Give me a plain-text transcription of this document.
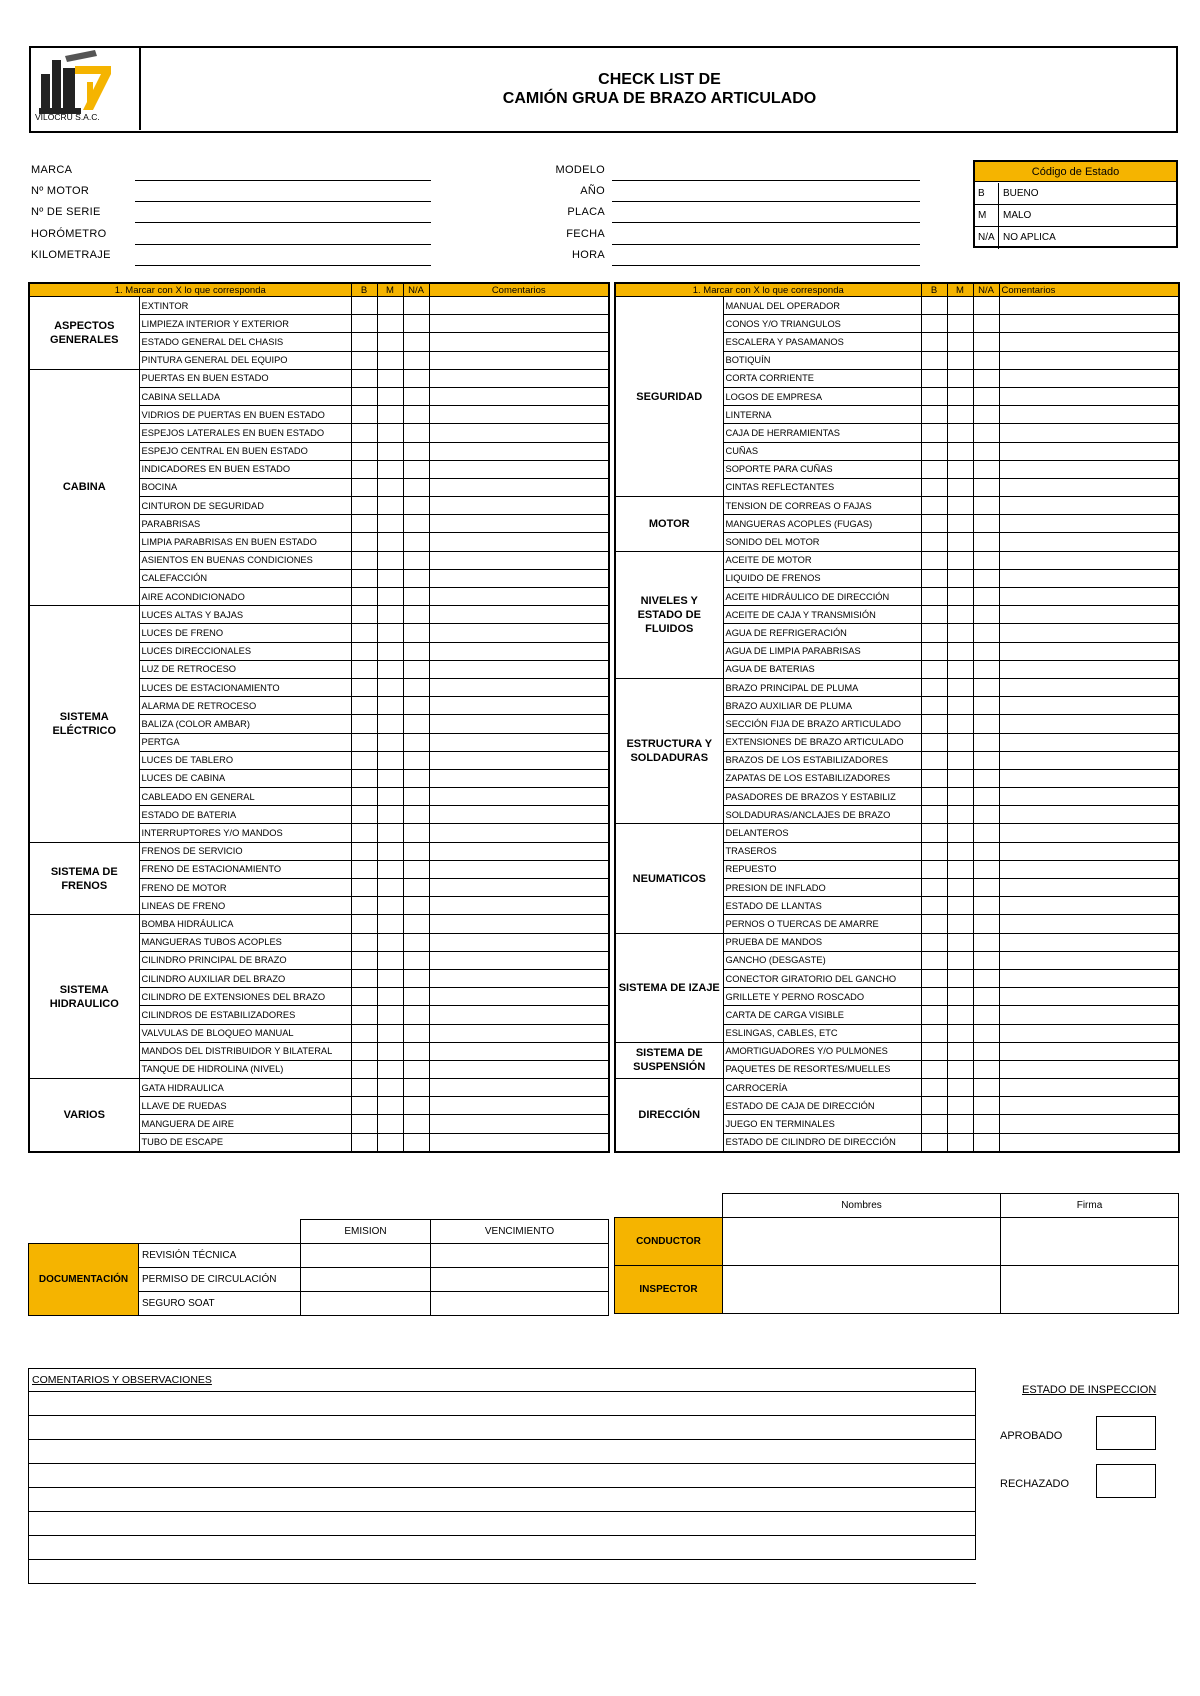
VILOCRU S.A.C.
CHECK LIST DE
CAMIÓN GRUA DE BRAZO ARTICULADO
MARCA
Nº MOTOR
Nº DE SERIE
HORÓMETRO
KILOMETRAJE
MODELO
AÑO
PLACA
FECHA
HORA
Código de Estado
B	BUENO
M	MALO
N/A NO APLICA
1. Marcar con X lo que corresponda		B	M	N/A	Comentarios
ASPECTOS GENERALES	EXTINTOR				
	LIMPIEZA INTERIOR Y EXTERIOR				
	ESTADO GENERAL DEL CHASIS				
	PINTURA GENERAL DEL EQUIPO				
CABINA	PUERTAS EN BUEN ESTADO				
	CABINA SELLADA				
	VIDRIOS DE PUERTAS EN BUEN ESTADO				
	ESPEJOS LATERALES EN BUEN ESTADO				
	ESPEJO CENTRAL EN BUEN ESTADO				
	INDICADORES EN BUEN ESTADO				
	BOCINA				
	CINTURON DE SEGURIDAD				
	PARABRISAS				
	LIMPIA PARABRISAS EN BUEN ESTADO				
	ASIENTOS EN BUENAS CONDICIONES				
	CALEFACCIÓN				
	AIRE ACONDICIONADO				
SISTEMA ELÉCTRICO	LUCES ALTAS Y BAJAS				
	LUCES DE FRENO				
	LUCES DIRECCIONALES				
	LUZ DE RETROCESO				
	LUCES DE ESTACIONAMIENTO				
	ALARMA DE RETROCESO				
	BALIZA (COLOR AMBAR)				
	PERTGA				
	LUCES DE TABLERO				
	LUCES DE CABINA				
	CABLEADO EN GENERAL				
	ESTADO DE BATERIA				
	INTERRUPTORES Y/O MANDOS				
SISTEMA DE FRENOS	FRENOS DE SERVICIO				
	FRENO DE ESTACIONAMIENTO				
	FRENO DE MOTOR				
	LINEAS DE FRENO				
SISTEMA HIDRAULICO	BOMBA HIDRÁULICA				
	MANGUERAS TUBOS ACOPLES				
	CILINDRO PRINCIPAL DE BRAZO				
	CILINDRO AUXILIAR DEL BRAZO				
	CILINDRO DE EXTENSIONES DEL BRAZO				
	CILINDROS DE ESTABILIZADORES				
	VALVULAS DE BLOQUEO MANUAL				
	MANDOS DEL DISTRIBUIDOR Y BILATERAL				
	TANQUE DE HIDROLINA (NIVEL)				
VARIOS	GATA HIDRAULICA				
	LLAVE DE RUEDAS				
	MANGUERA DE AIRE				
	TUBO DE ESCAPE				
1. Marcar con X lo que corresponda		B	M	N/A	Comentarios
SEGURIDAD	MANUAL DEL OPERADOR				
	CONOS Y/O TRIANGULOS				
	ESCALERA Y PASAMANOS				
	BOTIQUÍN				
	CORTA CORRIENTE				
	LOGOS DE EMPRESA				
	LINTERNA				
	CAJA DE HERRAMIENTAS				
	CUÑAS				
	SOPORTE PARA CUÑAS				
	CINTAS REFLECTANTES				
MOTOR	TENSION DE CORREAS O FAJAS				
	MANGUERAS ACOPLES (FUGAS)				
	SONIDO DEL MOTOR				
NIVELES Y ESTADO DE FLUIDOS	ACEITE DE MOTOR				
	LIQUIDO DE FRENOS				
	ACEITE HIDRÁULICO DE DIRECCIÓN				
	ACEITE DE CAJA Y TRANSMISIÓN				
	AGUA DE REFRIGERACIÓN				
	AGUA DE LIMPIA PARABRISAS				
	AGUA DE BATERIAS				
ESTRUCTURA Y SOLDADURAS	BRAZO PRINCIPAL DE PLUMA				
	BRAZO AUXILIAR DE PLUMA				
	SECCIÓN FIJA DE BRAZO ARTICULADO				
	EXTENSIONES DE BRAZO ARTICULADO				
	BRAZOS DE LOS ESTABILIZADORES				
	ZAPATAS DE LOS ESTABILIZADORES				
	PASADORES DE BRAZOS Y ESTABILIZ				
	SOLDADURAS/ANCLAJES DE BRAZO				
NEUMATICOS	DELANTEROS				
	TRASEROS				
	REPUESTO				
	PRESION DE INFLADO				
	ESTADO DE LLANTAS				
	PERNOS O TUERCAS DE AMARRE				
SISTEMA DE IZAJE	PRUEBA DE MANDOS				
	GANCHO (DESGASTE)				
	CONECTOR GIRATORIO DEL GANCHO				
	GRILLETE Y PERNO ROSCADO				
	CARTA DE CARGA VISIBLE				
	ESLINGAS, CABLES, ETC				
SISTEMA DE SUSPENSIÓN	AMORTIGUADORES Y/O PULMONES				
	PAQUETES DE RESORTES/MUELLES				
DIRECCIÓN	CARROCERÍA				
	ESTADO DE CAJA DE DIRECCIÓN				
	JUEGO EN TERMINALES				
	ESTADO DE CILINDRO DE DIRECCIÓN				
		EMISION	VENCIMIENTO
DOCUMENTACIÓN	REVISIÓN TÉCNICA		
	PERMISO DE CIRCULACIÓN		
	SEGURO SOAT		
	Nombres	Firma
CONDUCTOR		
INSPECTOR		
COMENTARIOS Y OBSERVACIONES
ESTADO DE INSPECCION
APROBADO
RECHAZADO
